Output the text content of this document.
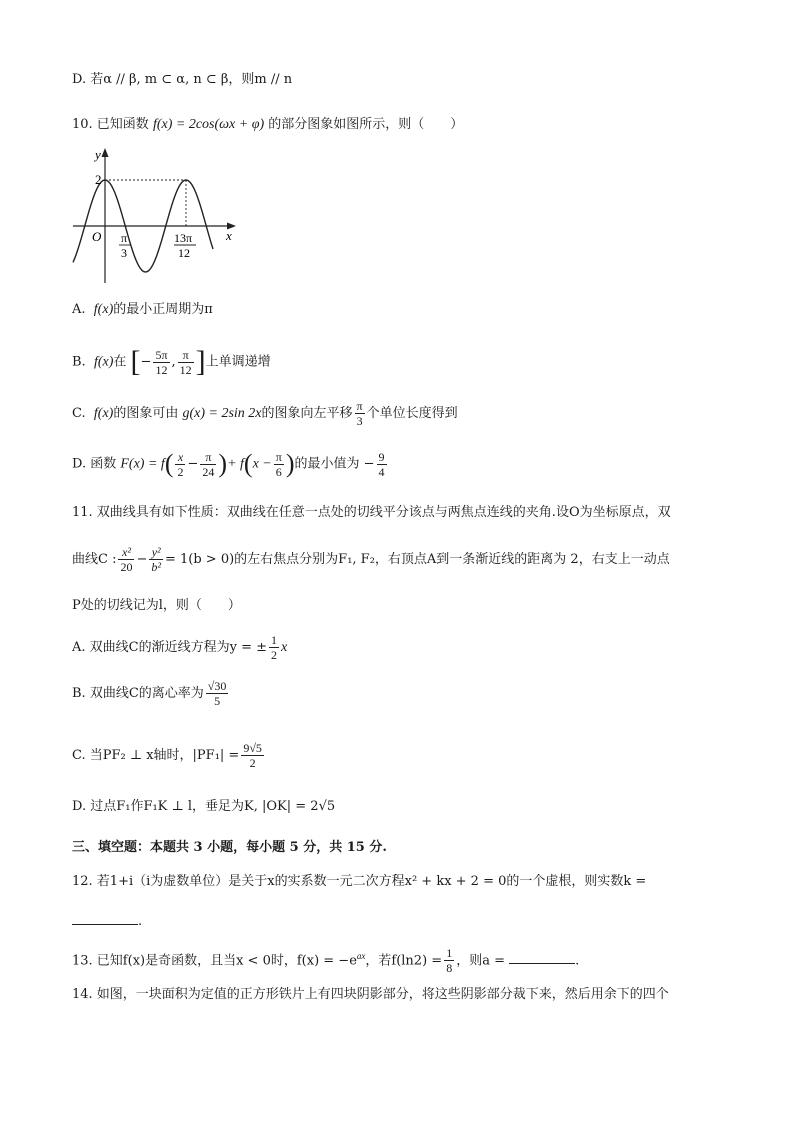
D. 若α // β, m ⊂ α, n ⊂ β，则m // n
10. 已知函数 f(x) = 2cos(ωx + φ) 的部分图象如图所示，则（　　）
y
x
O
2
π
3
13π
12
A. f(x)的最小正周期为π
B. f(x)在 [− $\frac{5\pi}{12}$ , $\frac{\pi}{12}$ ]上单调递增
C. f(x)的图象可由 g(x) = 2sin 2x的图象向左平移 $\frac{\pi}{3}$ 个单位长度得到
D. 函数 $F(x) = f( \frac{x}{2} - \frac{\pi}{24}$ )+ $f(x - \frac{\pi}{6}$ )的最小值为 − $\frac{9}{4}$
11. 双曲线具有如下性质：双曲线在任意一点处的切线平分该点与两焦点连线的夹角.设O为坐标原点，双
曲线C : $\frac{\text{x²}}{20} - \frac{\text{y²}}{\text{b²}} = 1(b > 0)$的左右焦点分别为F₁, F₂，右顶点A到一条渐近线的距离为 2，右支上一动点
P处的切线记为l，则（　　）
A. 双曲线C的渐近线方程为y = ± $\frac{1}{2}$ x
B. 双曲线C的离心率为 $\frac{√30}{5}$
C. 当PF₂ ⊥ x轴时，$|PF_1| = \frac{9√5}{2}$
D. 过点F₁作F₁K ⊥ l，垂足为K, |OK| = 2√5
三、填空题：本题共 3 小题，每小题 5 分，共 15 分.
12. 若1+i（i为虚数单位）是关于x的实系数一元二次方程x² + kx + 2 = 0的一个虚根，则实数k =
.
13. 已知f(x)是奇函数，且当x < 0时，$f(x) = -e^{ax}$，若$f(\ln 2) = \frac{1}{8}$ ，则a =	.
14. 如图，一块面积为定值的正方形铁片上有四块阴影部分，将这些阴影部分裁下来，然后用余下的四个
